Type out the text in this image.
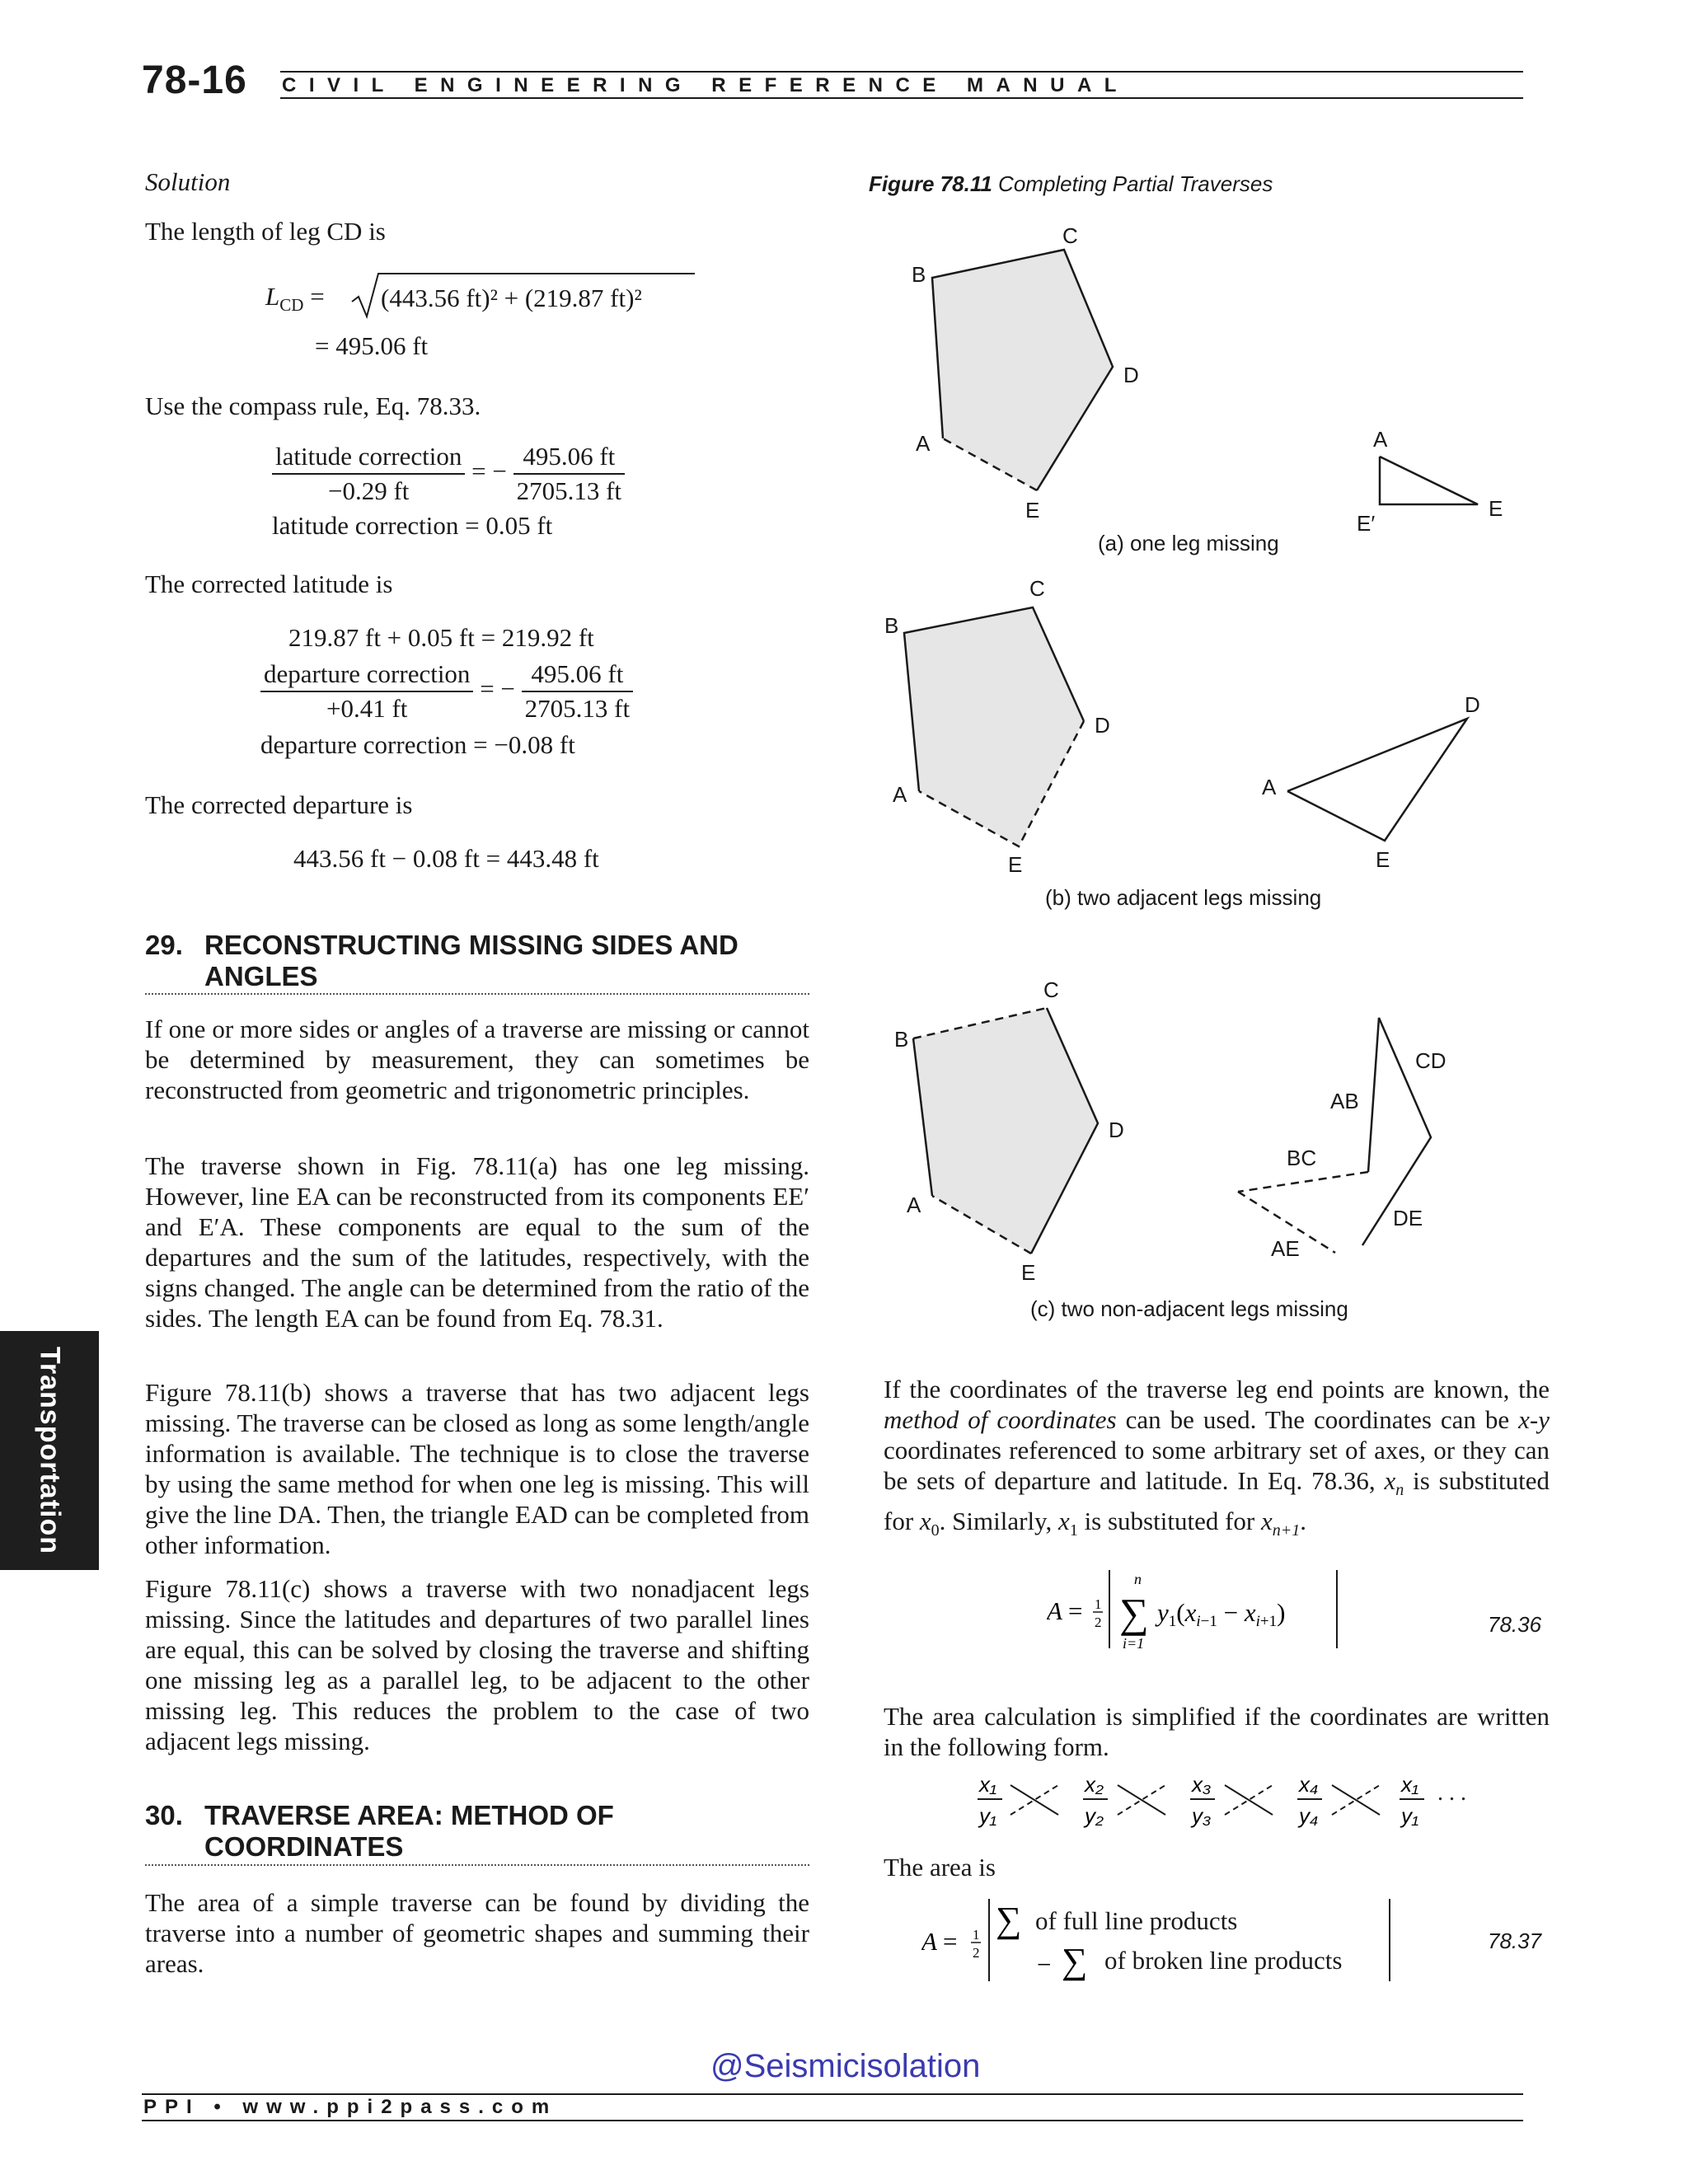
78-16 CIVIL ENGINEERING REFERENCE MANUAL
Transportation
Solution
The length of leg CD is
$L_{CD} = (443.56$ ft)² + (219.87 ft)²
= 495.06 ft
Use the compass rule, Eq. 78.33.
$\frac{\text{latitude correction}}{-0.29 ft}$ = − $\frac{495.06 ft}{2705.13 ft}$
latitude correction = 0.05 ft
The corrected latitude is
219.87 ft + 0.05 ft = 219.92 ft
$\frac{\text{departure correction}}{+0.41 ft}$ = − $\frac{495.06 ft}{2705.13 ft}$
departure correction = −0.08 ft
The corrected departure is
443.56 ft − 0.08 ft = 443.48 ft
29. RECONSTRUCTING MISSING SIDES AND
ANGLES
If one or more sides or angles of a traverse are missing or cannot be determined by measurement, they can sometimes be reconstructed from geometric and trigonometric principles.
The traverse shown in Fig. 78.11(a) has one leg missing. However, line EA can be reconstructed from its components EE′ and E′A. These components are equal to the sum of the departures and the sum of the latitudes, respectively, with the signs changed. The angle can be determined from the ratio of the sides. The length EA can be found from Eq. 78.31.
Figure 78.11(b) shows a traverse that has two adjacent legs missing. The traverse can be closed as long as some length/angle information is available. The technique is to close the traverse by using the same method for when one leg is missing. This will give the line DA. Then, the triangle EAD can be completed from other information.
Figure 78.11(c) shows a traverse with two nonadjacent legs missing. Since the latitudes and departures of two parallel lines are equal, this can be solved by closing the traverse and shifting one missing leg as a parallel leg, to be adjacent to the other missing leg. This reduces the problem to the case of two adjacent legs missing.
30. TRAVERSE AREA: METHOD OF
COORDINATES
The area of a simple traverse can be found by dividing the traverse into a number of geometric shapes and summing their areas.
Figure 78.11 Completing Partial Traverses
B
C
D
A
E
A
E
E′
(a) one leg missing
B
C
D
A
E
A
D
E
(b) two adjacent legs missing
B
C
D
A
E
AB
CD
BC
DE
AE
(c) two non-adjacent legs missing
If the coordinates of the traverse leg end points are known, the method of coordinates can be used. The coordinates can be x-y coordinates referenced to some arbitrary set of axes, or they can be sets of departure and latitude. In Eq. 78.36, $x_n$ is substituted for $x_0$. Similarly, $x_1$ is substituted for $x_{n+1}$.
A = 1
2
n
∑
i=1
y1(xi−1 − xi+1)	78.36
The area calculation is simplified if the coordinates are written in the following form.
x₁
y₁
x₂
y₂
x₃
y₃
x₄
y₄
x₁
y₁
. . .
The area is
A = 1
2
∑
− ∑
of full line products
of broken line products
78.37
@Seismicisolation
PPI • www.ppi2pass.com
